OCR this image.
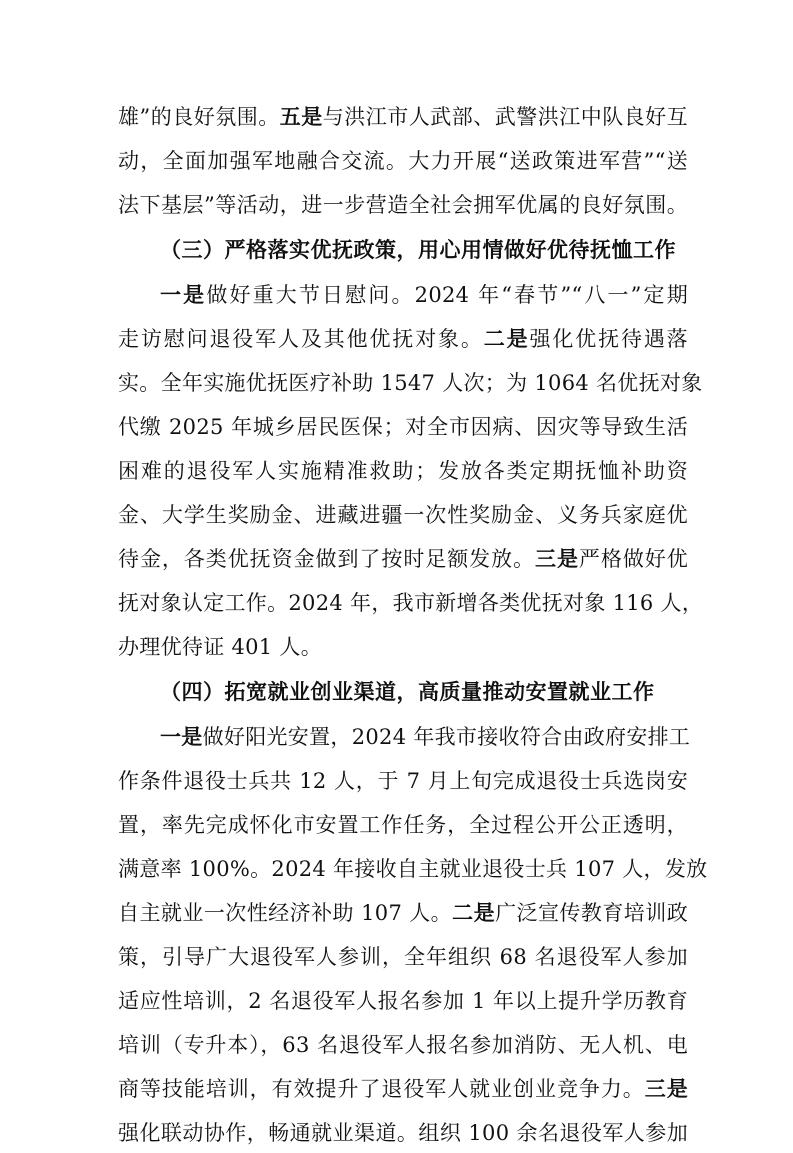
雄”的良好氛围。五是与洪江市人武部、武警洪江中队良好互
动，全面加强军地融合交流。大力开展“送政策进军营”“送
法下基层”等活动，进一步营造全社会拥军优属的良好氛围。
（三）严格落实优抚政策，用心用情做好优待抚恤工作
一是做好重大节日慰问。2024 年“春节”“八一”定期
走访慰问退役军人及其他优抚对象。二是强化优抚待遇落
实。全年实施优抚医疗补助 1547 人次；为 1064 名优抚对象
代缴 2025 年城乡居民医保；对全市因病、因灾等导致生活
困难的退役军人实施精准救助；发放各类定期抚恤补助资
金、大学生奖励金、进藏进疆一次性奖励金、义务兵家庭优
待金，各类优抚资金做到了按时足额发放。三是严格做好优
抚对象认定工作。2024 年，我市新增各类优抚对象 116 人，
办理优待证 401 人。
（四）拓宽就业创业渠道，高质量推动安置就业工作
一是做好阳光安置，2024 年我市接收符合由政府安排工
作条件退役士兵共 12 人，于 7 月上旬完成退役士兵选岗安
置，率先完成怀化市安置工作任务，全过程公开公正透明，
满意率 100%。2024 年接收自主就业退役士兵 107 人，发放
自主就业一次性经济补助 107 人。二是广泛宣传教育培训政
策，引导广大退役军人参训，全年组织 68 名退役军人参加
适应性培训，2 名退役军人报名参加 1 年以上提升学历教育
培训（专升本），63 名退役军人报名参加消防、无人机、电
商等技能培训，有效提升了退役军人就业创业竞争力。三是
强化联动协作，畅通就业渠道。组织 100 余名退役军人参加
